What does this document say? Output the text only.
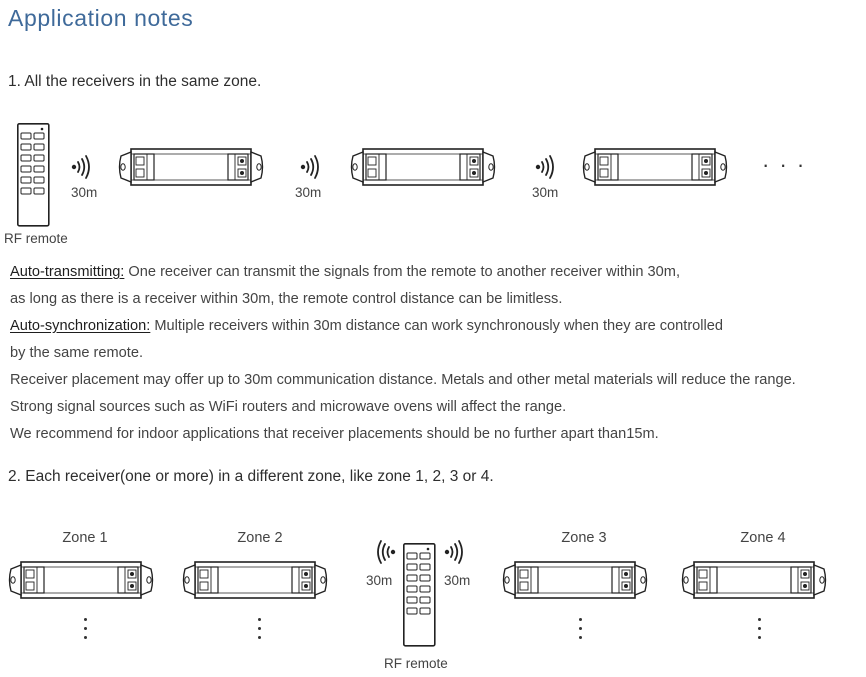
Application notes
1. All the receivers in the same zone.
RF remote
30m	30m	30m
· · ·
Auto-transmitting: One receiver can transmit the signals from the remote to another receiver within 30m,
as long as there is a receiver within 30m, the remote control distance can be limitless.
Auto-synchronization: Multiple receivers within 30m distance can work synchronously when they are controlled
by the same remote.
Receiver placement may offer up to 30m communication distance. Metals and other metal materials will reduce the range.
Strong signal sources such as WiFi routers and microwave ovens will affect the range.
We recommend for indoor applications that receiver placements should be no further apart than15m.
2. Each receiver(one or more) in a different zone, like zone 1, 2, 3 or 4.
Zone 1	Zone 2
30m	30m
RF remote
Zone 3	Zone 4
